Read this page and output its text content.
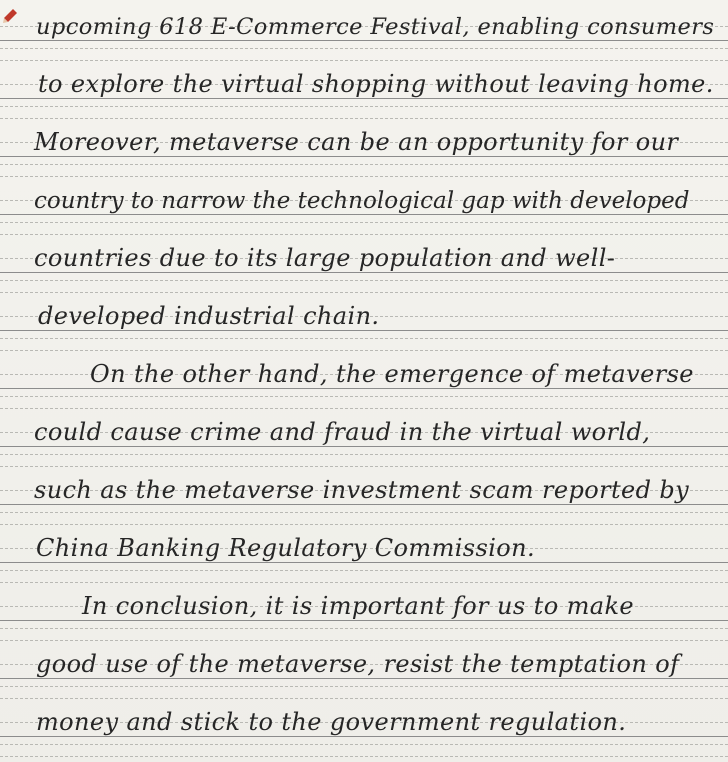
upcoming 618 E-Commerce Festival, enabling consumers
to explore the virtual shopping without leaving home.
Moreover, metaverse can be an opportunity for our
country to narrow the technological gap with developed
countries due to its large population and well-
developed industrial chain.
On the other hand, the emergence of metaverse
could cause crime and fraud in the virtual world,
such as the metaverse investment scam reported by
China Banking Regulatory Commission.
In conclusion, it is important for us to make
good use of the metaverse, resist the temptation of
money and stick to the government regulation.
